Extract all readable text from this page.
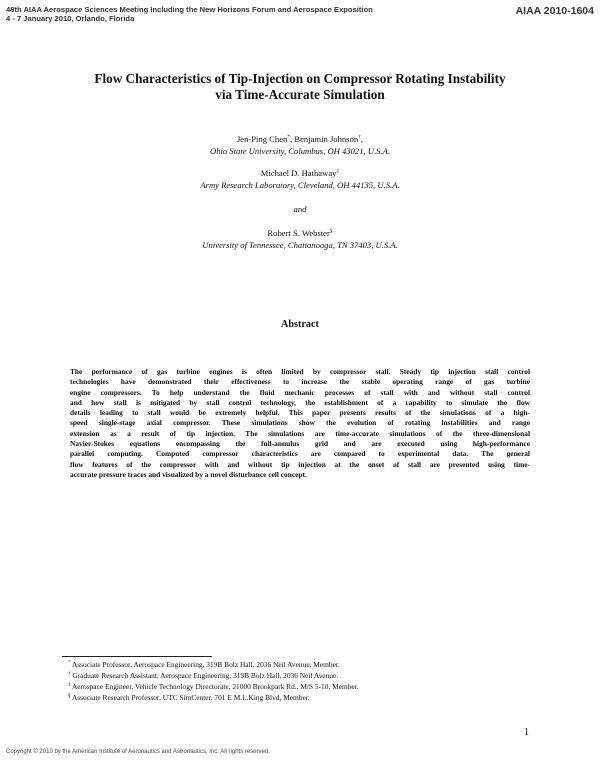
48th AIAA Aerospace Sciences Meeting Including the New Horizons Forum and Aerospace Exposition
4 - 7 January 2010, Orlando, Florida
AIAA 2010-1604
Flow Characteristics of Tip-Injection on Compressor Rotating Instability
via Time-Accurate Simulation
Jen-Ping Chen*, Benjamin Johnson†,
Ohio State University, Columbus, OH 43021, U.S.A.
Michael D. Hathaway‡
Army Research Laboratory, Cleveland, OH 44135, U.S.A.
and
Robert S. Webster§
University of Tennessee, Chattanooga, TN 37403, U.S.A.
Abstract
The performance of gas turbine engines is often limited by compressor stall. Steady tip injection stall control
technologies have demonstrated their effectiveness to increase the stable operating range of gas turbine
engine compressors. To help understand the fluid mechanic processes of stall with and without stall control
and how stall is mitigated by stall control technology, the establishment of a capability to simulate the flow
details leading to stall would be extremely helpful. This paper presents results of the simulations of a high-
speed single-stage axial compressor. These simulations show the evolution of rotating instabilities and range
extension as a result of tip injection. The simulations are time-accurate simulations of the three-dimensional
Navier-Stokes equations encompassing the full-annulus grid and are executed using high-performance
parallel computing. Computed compressor characteristics are compared to experimental data. The general
flow features of the compressor with and without tip injection at the onset of stall are presented using time-
accurate pressure traces and visualized by a novel disturbance cell concept.
* Associate Professor, Aerospace Engineering, 319B Bolz Hall, 2036 Neil Avenue, Member.
† Graduate Research Assistant, Aerospace Engineering, 319B Bolz Hall, 2036 Neil Avenue.
‡ Aerospace Engineer, Vehicle Technology Directorate, 21000 Brookpark Rd., M/S 5-10, Member.
§ Associate Research Professor, UTC SimCenter, 701 E M.L.King Blvd, Member.
1
Copyright © 2010 by the American Institute of Aeronautics and Astronautics, Inc. All rights reserved.
